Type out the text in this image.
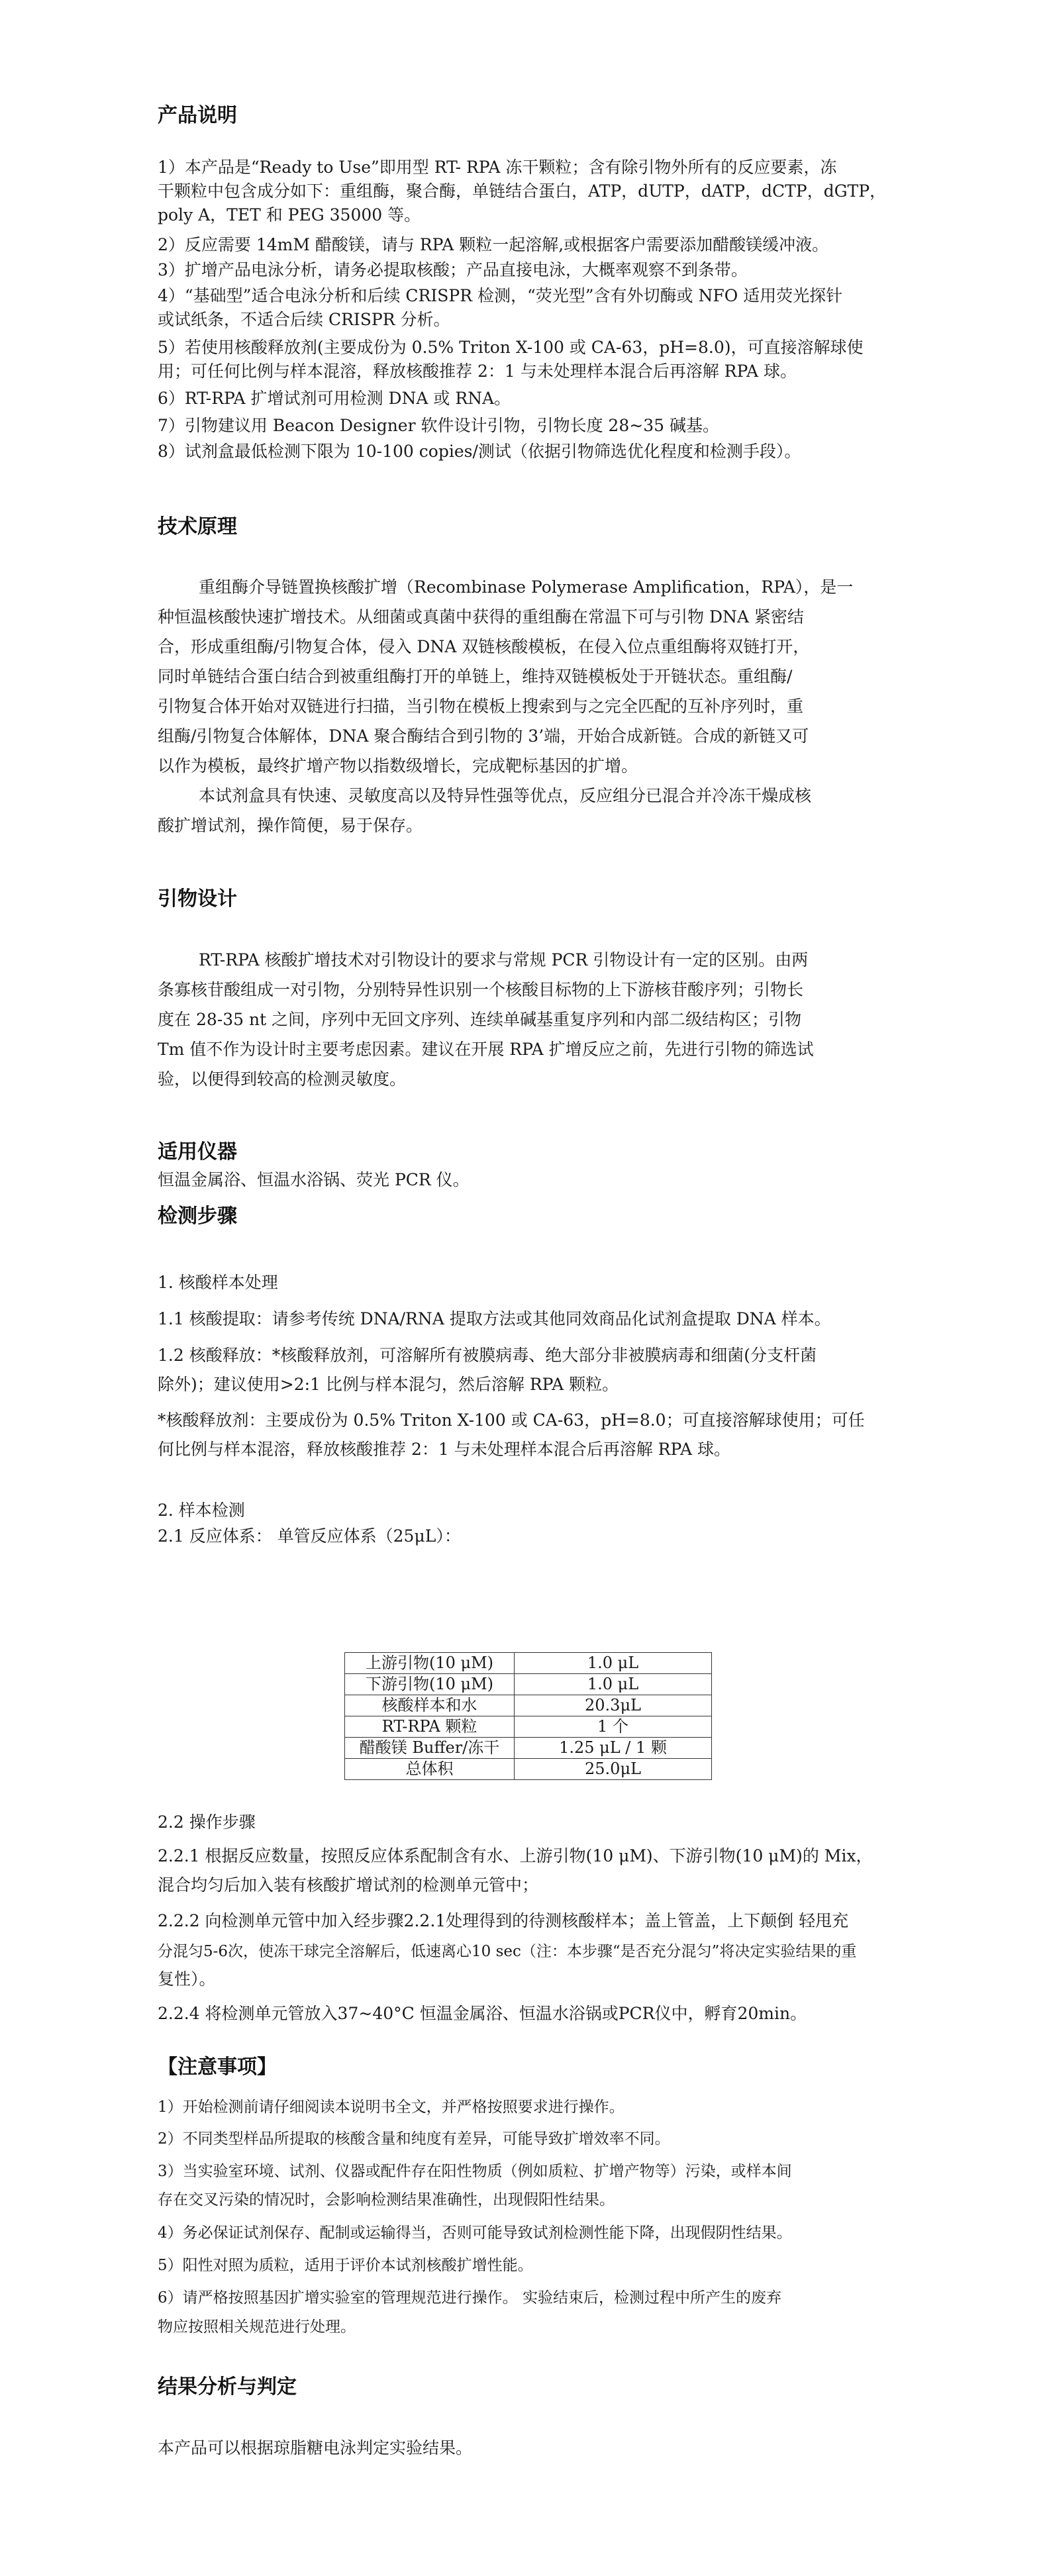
产品说明
1）本产品是“Ready to Use”即用型 RT- RPA 冻干颗粒；含有除引物外所有的反应要素，冻
干颗粒中包含成分如下：重组酶，聚合酶，单链结合蛋白，ATP，dUTP，dATP，dCTP，dGTP，
poly A，TET 和 PEG 35000 等。
2）反应需要 14mM 醋酸镁，请与 RPA 颗粒一起溶解,或根据客户需要添加醋酸镁缓冲液。
3）扩增产品电泳分析，请务必提取核酸；产品直接电泳，大概率观察不到条带。
4）“基础型”适合电泳分析和后续 CRISPR 检测，“荧光型”含有外切酶或 NFO 适用荧光探针
或试纸条，不适合后续 CRISPR 分析。
5）若使用核酸释放剂(主要成份为 0.5% Triton X-100 或 CA-63，pH=8.0)，可直接溶解球使
用；可任何比例与样本混溶，释放核酸推荐 2：1 与未处理样本混合后再溶解 RPA 球。
6）RT-RPA 扩增试剂可用检测 DNA 或 RNA。
7）引物建议用 Beacon Designer 软件设计引物，引物长度 28~35 碱基。
8）试剂盒最低检测下限为 10-100 copies/测试（依据引物筛选优化程度和检测手段）。
技术原理
重组酶介导链置换核酸扩增（Recombinase Polymerase Amplification，RPA），是一
种恒温核酸快速扩增技术。从细菌或真菌中获得的重组酶在常温下可与引物 DNA 紧密结
合，形成重组酶/引物复合体，侵入 DNA 双链核酸模板，在侵入位点重组酶将双链打开，
同时单链结合蛋白结合到被重组酶打开的单链上，维持双链模板处于开链状态。重组酶/
引物复合体开始对双链进行扫描，当引物在模板上搜索到与之完全匹配的互补序列时，重
组酶/引物复合体解体，DNA 聚合酶结合到引物的 3’端，开始合成新链。合成的新链又可
以作为模板，最终扩增产物以指数级增长，完成靶标基因的扩增。
本试剂盒具有快速、灵敏度高以及特异性强等优点，反应组分已混合并冷冻干燥成核
酸扩增试剂，操作简便，易于保存。
引物设计
RT-RPA 核酸扩增技术对引物设计的要求与常规 PCR 引物设计有一定的区别。由两
条寡核苷酸组成一对引物，分别特异性识别一个核酸目标物的上下游核苷酸序列；引物长
度在 28-35 nt 之间，序列中无回文序列、连续单碱基重复序列和内部二级结构区；引物
Tm 值不作为设计时主要考虑因素。建议在开展 RPA 扩增反应之前，先进行引物的筛选试
验，以便得到较高的检测灵敏度。
适用仪器
恒温金属浴、恒温水浴锅、荧光 PCR 仪。
检测步骤
1. 核酸样本处理
1.1 核酸提取：请参考传统 DNA/RNA 提取方法或其他同效商品化试剂盒提取 DNA 样本。
1.2 核酸释放：*核酸释放剂，可溶解所有被膜病毒、绝大部分非被膜病毒和细菌(分支杆菌
除外)；建议使用>2:1 比例与样本混匀，然后溶解 RPA 颗粒。
*核酸释放剂：主要成份为 0.5% Triton X-100 或 CA-63，pH=8.0；可直接溶解球使用；可任
何比例与样本混溶，释放核酸推荐 2：1 与未处理样本混合后再溶解 RPA 球。
2. 样本检测
2.1 反应体系： 单管反应体系（25μL）：
上游引物(10 μM)	1.0 μL
下游引物(10 μM)	1.0 μL
核酸样本和水	20.3μL
RT-RPA 颗粒	1 个
醋酸镁 Buffer/冻干	1.25 μL / 1 颗
总体积	25.0μL
2.2 操作步骤
2.2.1 根据反应数量，按照反应体系配制含有水、上游引物(10 μM)、下游引物(10 μM)的 Mix，
混合均匀后加入装有核酸扩增试剂的检测单元管中；
2.2.2 向检测单元管中加入经步骤2.2.1处理得到的待测核酸样本；盖上管盖，上下颠倒 轻甩充
分混匀5-6次，使冻干球完全溶解后，低速离心10 sec（注：本步骤“是否充分混匀”将决定实验结果的重
复性）。
2.2.4 将检测单元管放入37~40°C 恒温金属浴、恒温水浴锅或PCR仪中，孵育20min。
【注意事项】
1）开始检测前请仔细阅读本说明书全文，并严格按照要求进行操作。
2）不同类型样品所提取的核酸含量和纯度有差异，可能导致扩增效率不同。
3）当实验室环境、试剂、仪器或配件存在阳性物质（例如质粒、扩增产物等）污染，或样本间
存在交叉污染的情况时，会影响检测结果准确性，出现假阳性结果。
4）务必保证试剂保存、配制或运输得当，否则可能导致试剂检测性能下降，出现假阴性结果。
5）阳性对照为质粒，适用于评价本试剂核酸扩增性能。
6）请严格按照基因扩增实验室的管理规范进行操作。 实验结束后，检测过程中所产生的废弃
物应按照相关规范进行处理。
结果分析与判定
本产品可以根据琼脂糖电泳判定实验结果。
